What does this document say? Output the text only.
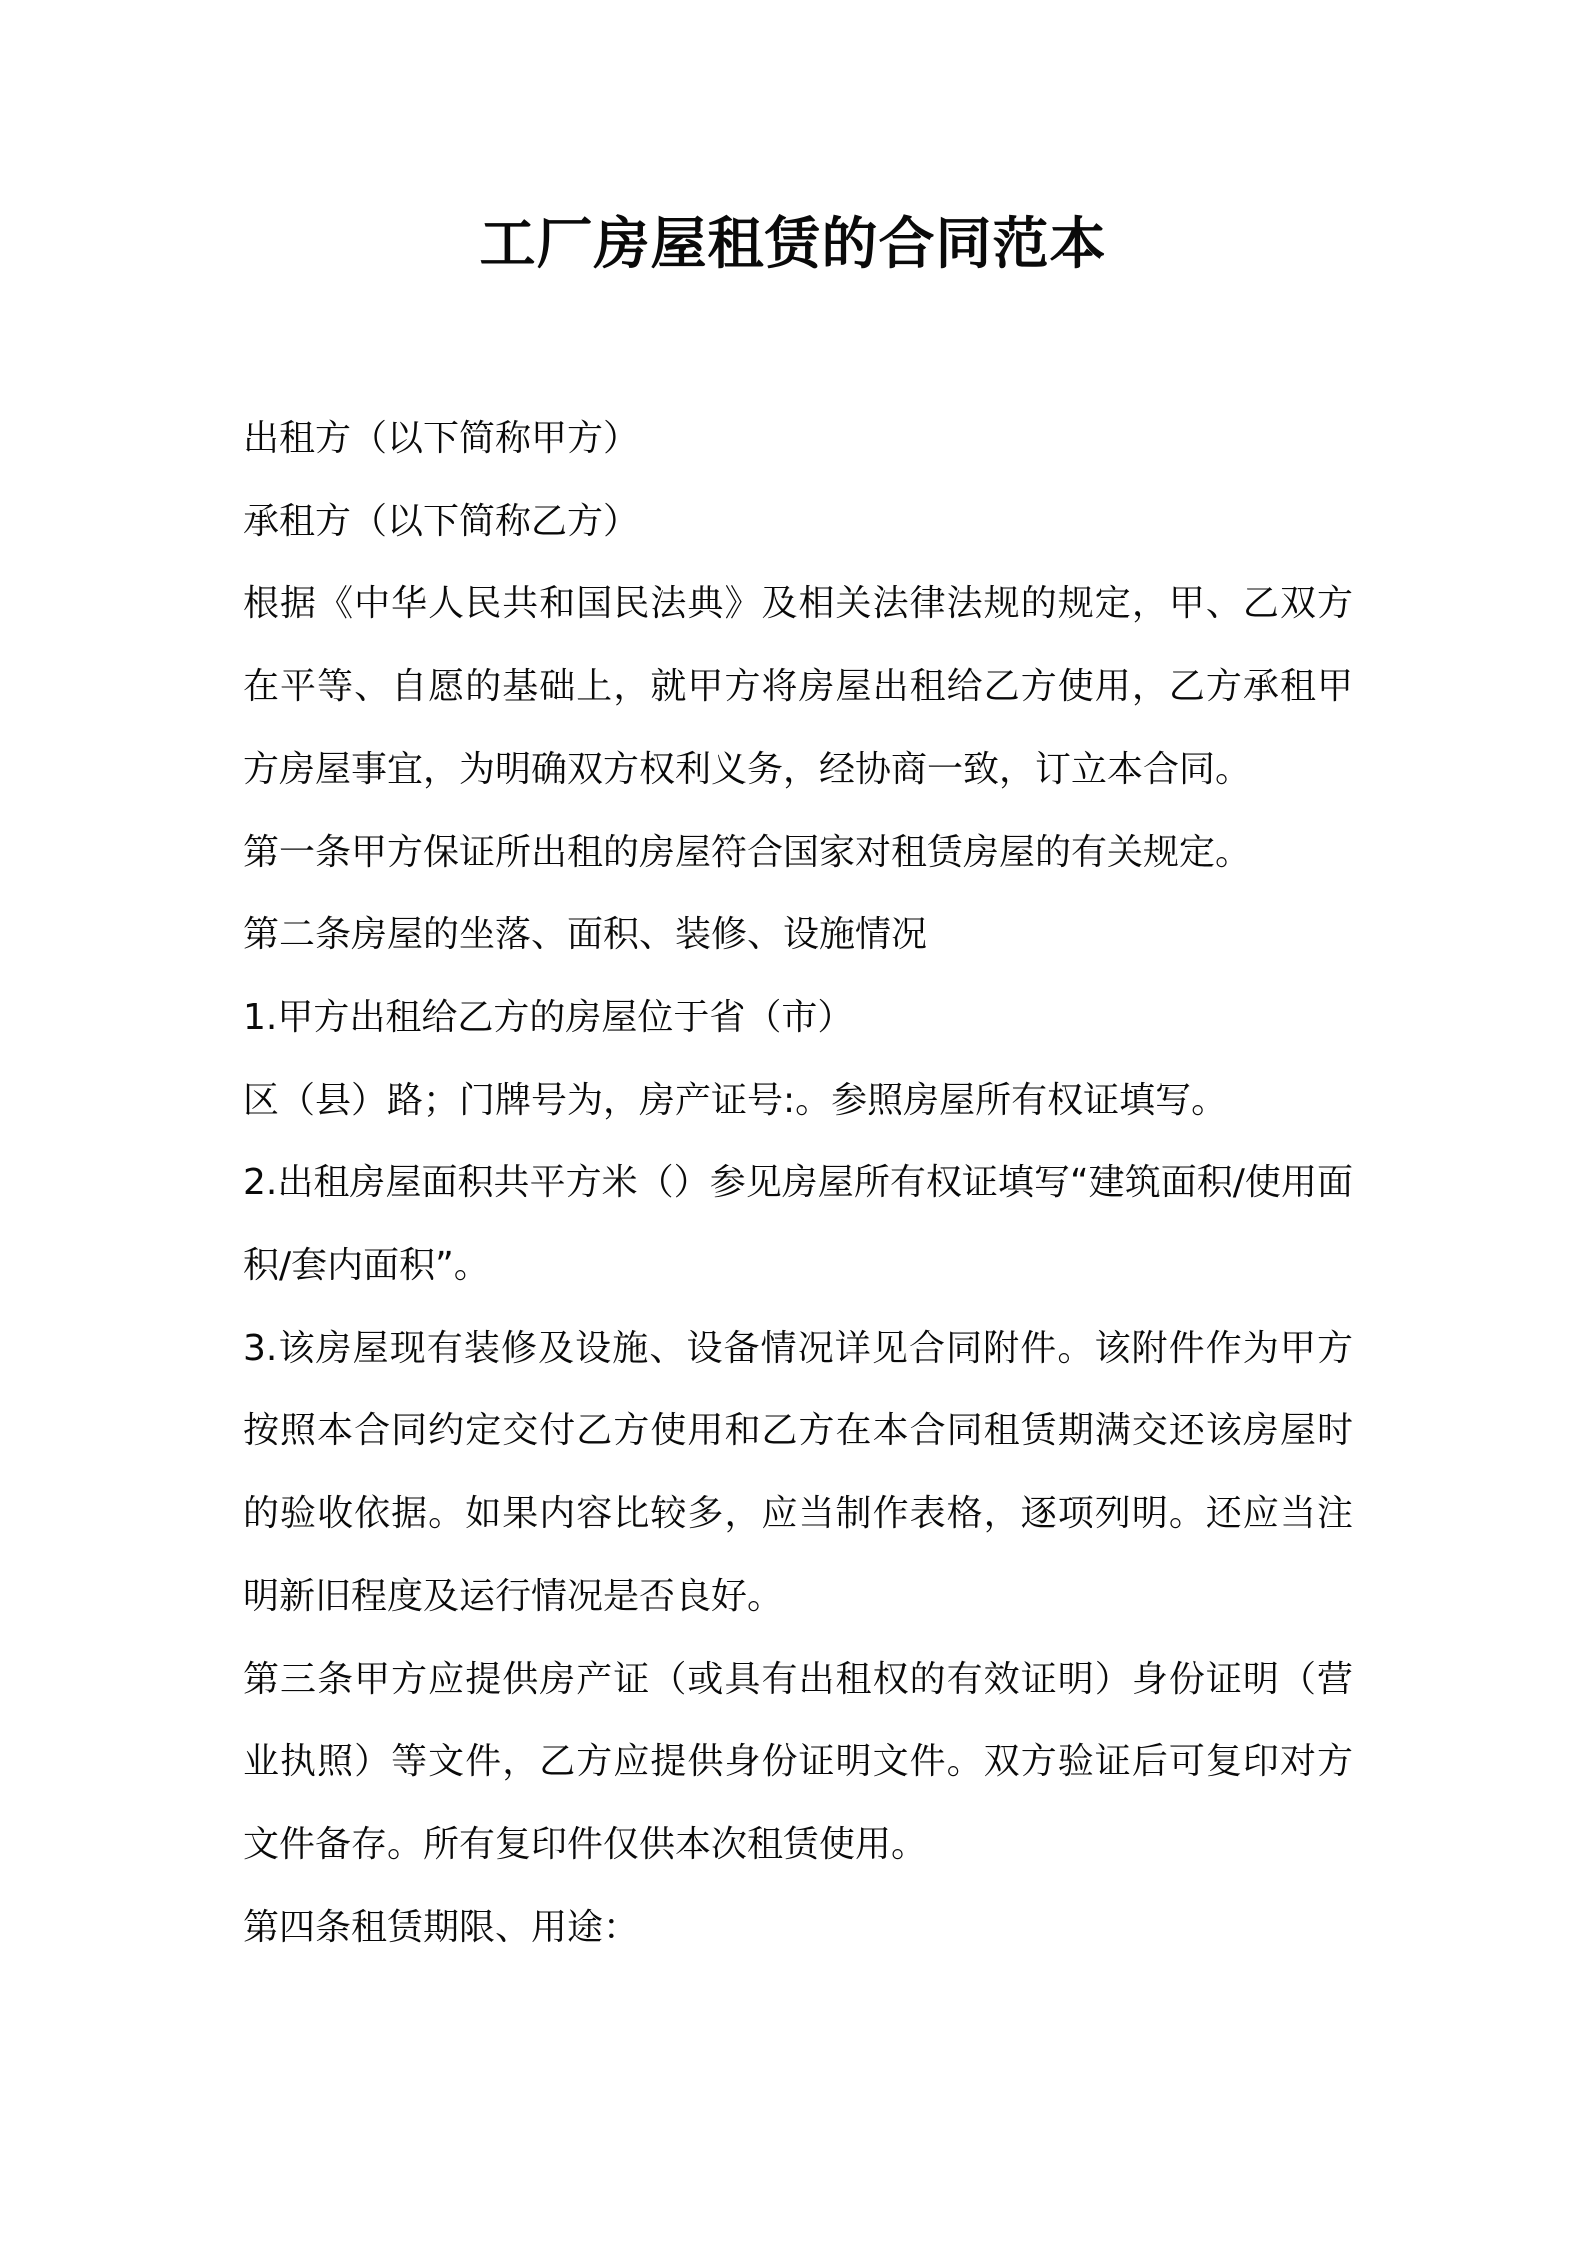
工厂房屋租赁的合同范本

出租方（以下简称甲方）

承租方（以下简称乙方）

根据《中华人民共和国民法典》及相关法律法规的规定，甲、乙双方在平等、自愿的基础上，就甲方将房屋出租给乙方使用，乙方承租甲方房屋事宜，为明确双方权利义务，经协商一致，订立本合同。

第一条甲方保证所出租的房屋符合国家对租赁房屋的有关规定。

第二条房屋的坐落、面积、装修、设施情况

1.甲方出租给乙方的房屋位于省（市）

区（县）路；门牌号为，房产证号:。参照房屋所有权证填写。

2.出租房屋面积共平方米（）参见房屋所有权证填写“建筑面积/使用面积/套内面积”。

3.该房屋现有装修及设施、设备情况详见合同附件。该附件作为甲方按照本合同约定交付乙方使用和乙方在本合同租赁期满交还该房屋时的验收依据。如果内容比较多，应当制作表格，逐项列明。还应当注明新旧程度及运行情况是否良好。

第三条甲方应提供房产证（或具有出租权的有效证明）身份证明（营业执照）等文件，乙方应提供身份证明文件。双方验证后可复印对方文件备存。所有复印件仅供本次租赁使用。

第四条租赁期限、用途：
